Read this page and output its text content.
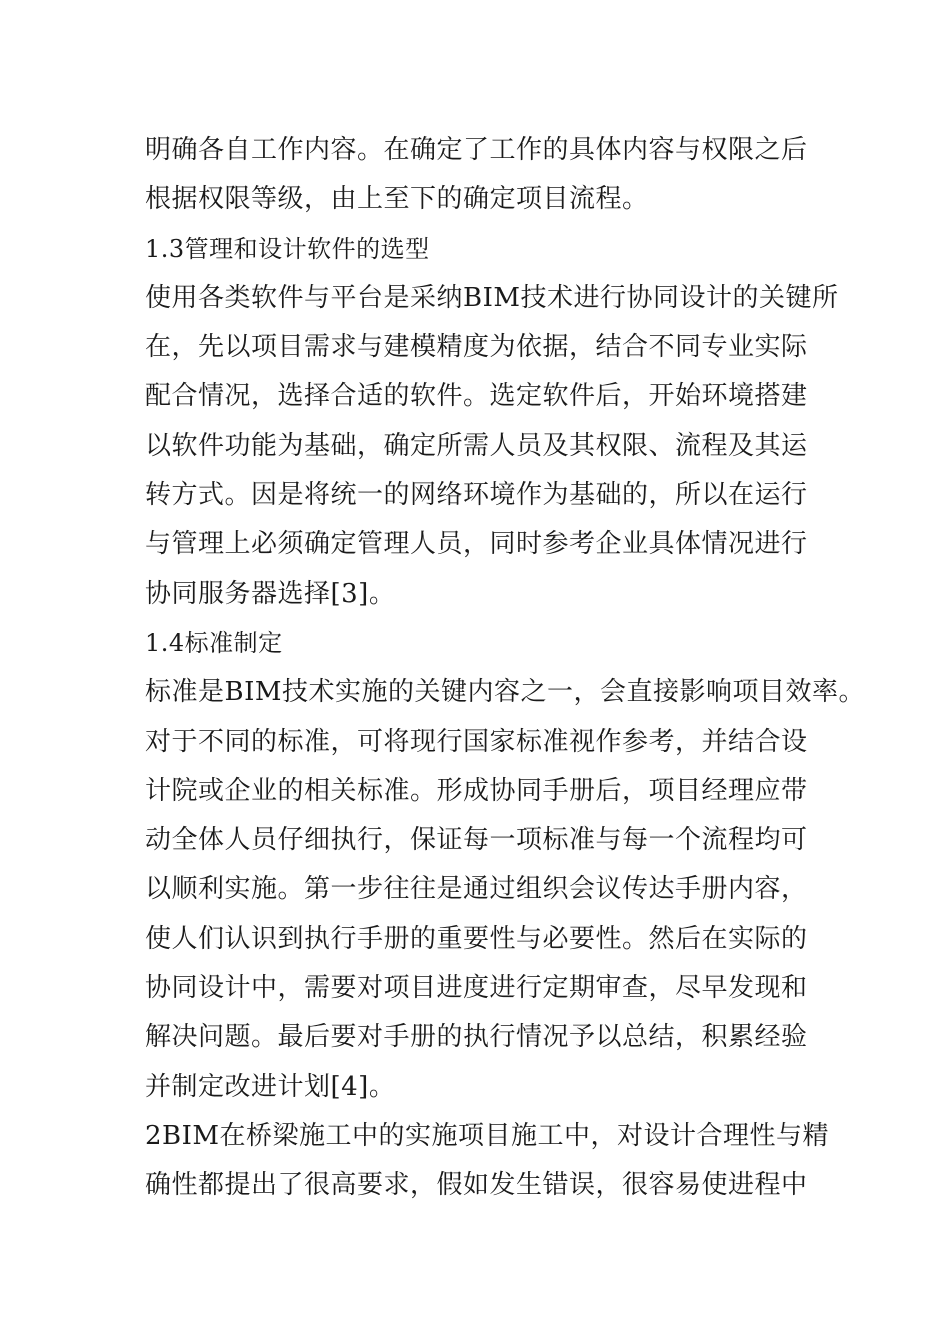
明确各自工作内容。在确定了工作的具体内容与权限之后
根据权限等级，由上至下的确定项目流程。
1.3管理和设计软件的选型
使用各类软件与平台是采纳BIM技术进行协同设计的关键所
在，先以项目需求与建模精度为依据，结合不同专业实际
配合情况，选择合适的软件。选定软件后，开始环境搭建
以软件功能为基础，确定所需人员及其权限、流程及其运
转方式。因是将统一的网络环境作为基础的，所以在运行
与管理上必须确定管理人员，同时参考企业具体情况进行
协同服务器选择[3]。
1.4标准制定
标准是BIM技术实施的关键内容之一，会直接影响项目效率。
对于不同的标准，可将现行国家标准视作参考，并结合设
计院或企业的相关标准。形成协同手册后，项目经理应带
动全体人员仔细执行，保证每一项标准与每一个流程均可
以顺利实施。第一步往往是通过组织会议传达手册内容，
使人们认识到执行手册的重要性与必要性。然后在实际的
协同设计中，需要对项目进度进行定期审查，尽早发现和
解决问题。最后要对手册的执行情况予以总结，积累经验
并制定改进计划[4]。
2BIM在桥梁施工中的实施项目施工中，对设计合理性与精
确性都提出了很高要求，假如发生错误，很容易使进程中
